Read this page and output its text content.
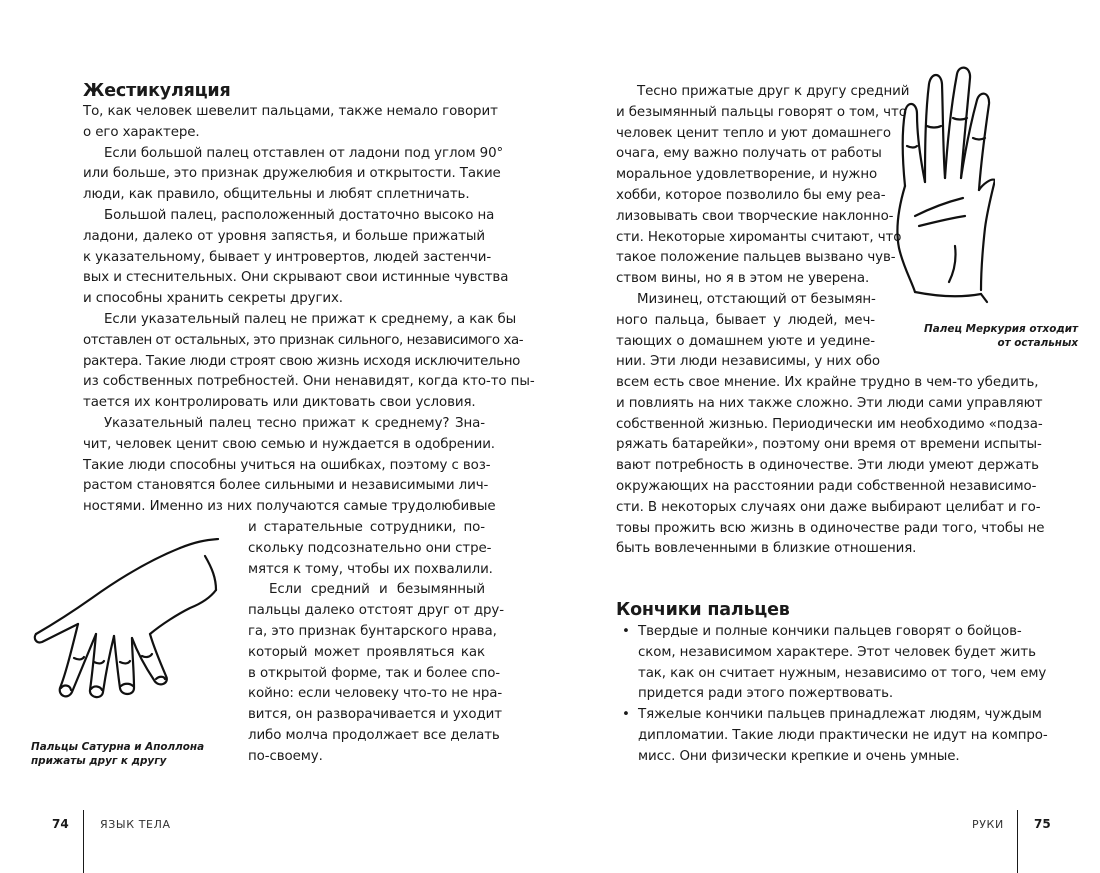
Жестикуляция
То, как человек шевелит пальцами, также немало говорит
о его характере.
Если большой палец отставлен от ладони под углом 90°
или больше, это признак дружелюбия и открытости. Такие
люди, как правило, общительны и любят сплетничать.
Большой палец, расположенный достаточно высоко на
ладони, далеко от уровня запястья, и больше прижатый
к указательному, бывает у интровертов, людей застенчи-
вых и стеснительных. Они скрывают свои истинные чувства
и способны хранить секреты других.
Если указательный палец не прижат к среднему, а как бы
отставлен от остальных, это признак сильного, независимого ха-
рактера. Такие люди строят свою жизнь исходя исключительно
из собственных потребностей. Они ненавидят, когда кто-то пы-
тается их контролировать или диктовать свои условия.
Указательный палец тесно прижат к среднему? Зна-
чит, человек ценит свою семью и нуждается в одобрении.
Такие люди способны учиться на ошибках, поэтому с воз-
растом становятся более сильными и независимыми лич-
ностями. Именно из них получаются самые трудолюбивые
и старательные сотрудники, по-
скольку подсознательно они стре-
мятся к тому, чтобы их похвалили.
Если средний и безымянный
пальцы далеко отстоят друг от дру-
га, это признак бунтарского нрава,
который может проявляться как
в открытой форме, так и более спо-
койно: если человеку что-то не нра-
вится, он разворачивается и уходит
либо молча продолжает все делать
по-своему.
Пальцы Сатурна и Аполлона
прижаты друг к другу
74	ЯЗЫК ТЕЛА
Тесно прижатые друг к другу средний
и безымянный пальцы говорят о том, что
человек ценит тепло и уют домашнего
очага, ему важно получать от работы
моральное удовлетворение, и нужно
хобби, которое позволило бы ему реа-
лизовывать свои творческие наклонно-
сти. Некоторые хироманты считают, что
такое положение пальцев вызвано чув-
ством вины, но я в этом не уверена.
Мизинец, отстающий от безымян-
ного пальца, бывает у людей, меч-
тающих о домашнем уюте и уедине-
нии. Эти люди независимы, у них обо
Палец Меркурия отходит
от остальных
всем есть свое мнение. Их крайне трудно в чем-то убедить,
и повлиять на них также сложно. Эти люди сами управляют
собственной жизнью. Периодически им необходимо «подза-
ряжать батарейки», поэтому они время от времени испыты-
вают потребность в одиночестве. Эти люди умеют держать
окружающих на расстоянии ради собственной независимо-
сти. В некоторых случаях они даже выбирают целибат и го-
товы прожить всю жизнь в одиночестве ради того, чтобы не
быть вовлеченными в близкие отношения.
Кончики пальцев
• Твердые и полные кончики пальцев говорят о бойцов-
ском, независимом характере. Этот человек будет жить
так, как он считает нужным, независимо от того, чем ему
придется ради этого пожертвовать.
• Тяжелые кончики пальцев принадлежат людям, чуждым
дипломатии. Такие люди практически не идут на компро-
мисс. Они физически крепкие и очень умные.
РУКИ	75
